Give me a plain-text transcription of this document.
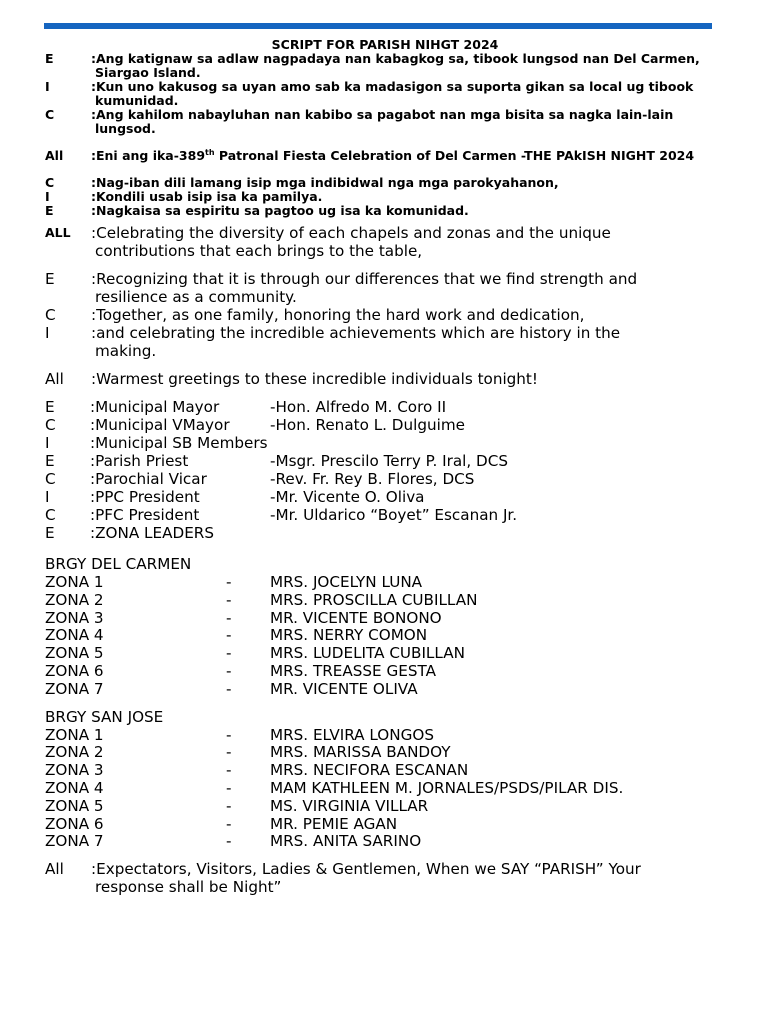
SCRIPT FOR PARISH NIHGT 2024
E	:Ang katignaw sa adlaw nagpadaya nan kabagkog sa, tibook lungsod nan Del Carmen,
Siargao Island.
I	:Kun uno kakusog sa uyan amo sab ka madasigon sa suporta gikan sa local ug tibook
kumunidad.
C	:Ang kahilom nabayluhan nan kabibo sa pagabot nan mga bisita sa nagka lain-lain
lungsod.
All :Eni ang ika-389th Patronal Fiesta Celebration of Del Carmen -THE PAkISH NIGHT 2024
C	:Nag-iban dili lamang isip mga indibidwal nga mga parokyahanon,
I	:Kondili usab isip isa ka pamilya.
E	:Nagkaisa sa espiritu sa pagtoo ug isa ka komunidad.
ALL :Celebrating the diversity of each chapels and zonas and the unique
contributions that each brings to the table,
E :Recognizing that it is through our differences that we find strength and
resilience as a community.
C :Together, as one family, honoring the hard work and dedication,
I	:and celebrating the incredible achievements which are history in the
making.
All :Warmest greetings to these incredible individuals tonight!
E :Municipal Mayor	-Hon. Alfredo M. Coro II
C :Municipal VMayor	-Hon. Renato L. Dulguime
I	:Municipal SB Members
E :Parish Priest	-Msgr. Prescilo Terry P. Iral, DCS
C :Parochial Vicar	-Rev. Fr. Rey B. Flores, DCS
I	:PPC President	-Mr. Vicente O. Oliva
C :PFC President	-Mr. Uldarico “Boyet” Escanan Jr.
E :ZONA LEADERS
BRGY DEL CARMEN
ZONA 1	-	MRS. JOCELYN LUNA
ZONA 2	-	MRS. PROSCILLA CUBILLAN
ZONA 3	-	MR. VICENTE BONONO
ZONA 4	-	MRS. NERRY COMON
ZONA 5	-	MRS. LUDELITA CUBILLAN
ZONA 6	-	MRS. TREASSE GESTA
ZONA 7	-	MR. VICENTE OLIVA
BRGY SAN JOSE
ZONA 1	-	MRS. ELVIRA LONGOS
ZONA 2	-	MRS. MARISSA BANDOY
ZONA 3	-	MRS. NECIFORA ESCANAN
ZONA 4	-	MAM KATHLEEN M. JORNALES/PSDS/PILAR DIS.
ZONA 5	-	MS. VIRGINIA VILLAR
ZONA 6	-	MR. PEMIE AGAN
ZONA 7	-	MRS. ANITA SARINO
All :Expectators, Visitors, Ladies & Gentlemen, When we SAY “PARISH” Your
response shall be Night”
